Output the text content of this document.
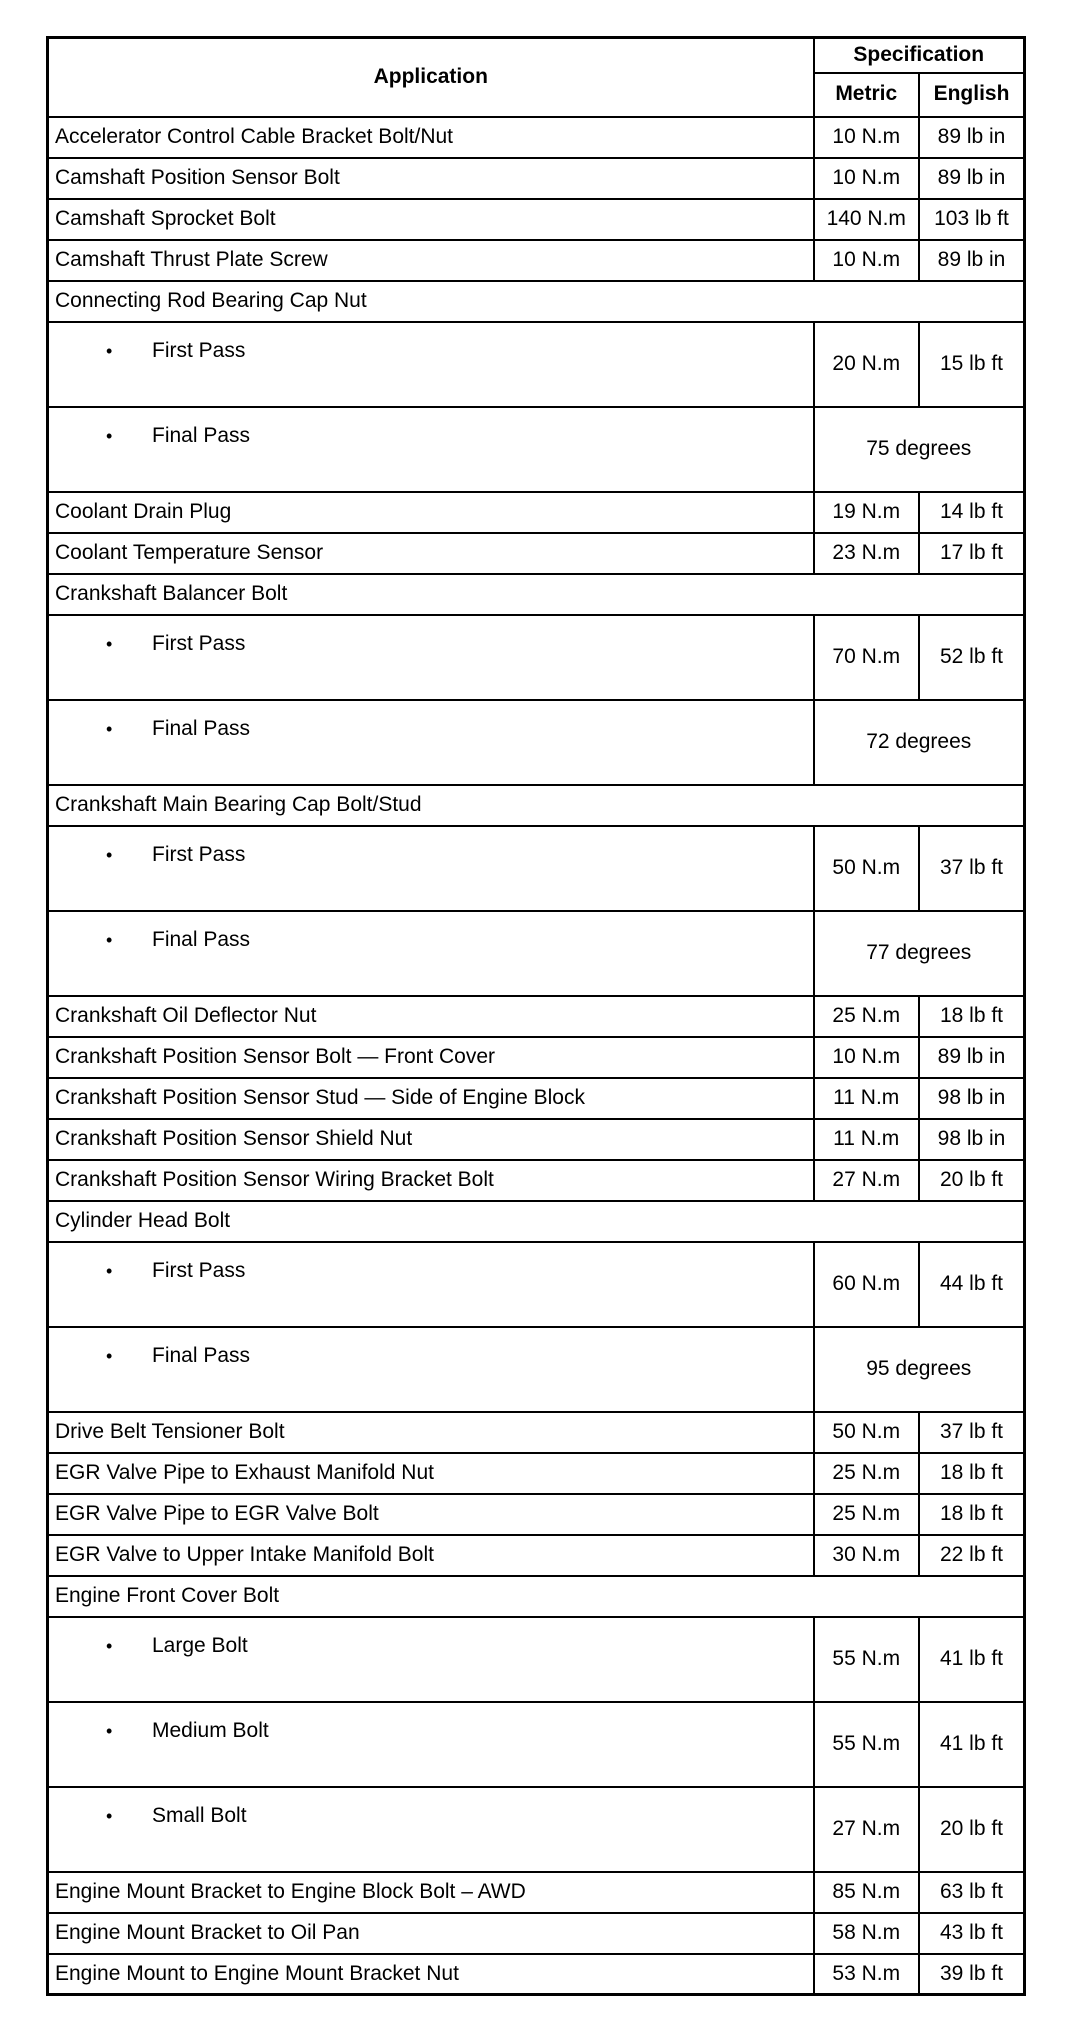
Application	Specification	
	Metric	English
Accelerator Control Cable Bracket Bolt/Nut	10 N.m	89 lb in
Camshaft Position Sensor Bolt	10 N.m	89 lb in
Camshaft Sprocket Bolt	140 N.m	103 lb ft
Camshaft Thrust Plate Screw	10 N.m	89 lb in
Connecting Rod Bearing Cap Nut		
• First Pass	20 N.m	15 lb ft
• Final Pass	75 degrees	
Coolant Drain Plug	19 N.m	14 lb ft
Coolant Temperature Sensor	23 N.m	17 lb ft
Crankshaft Balancer Bolt		
• First Pass	70 N.m	52 lb ft
• Final Pass	72 degrees	
Crankshaft Main Bearing Cap Bolt/Stud		
• First Pass	50 N.m	37 lb ft
• Final Pass	77 degrees	
Crankshaft Oil Deflector Nut	25 N.m	18 lb ft
Crankshaft Position Sensor Bolt — Front Cover	10 N.m	89 lb in
Crankshaft Position Sensor Stud — Side of Engine Block	11 N.m	98 lb in
Crankshaft Position Sensor Shield Nut	11 N.m	98 lb in
Crankshaft Position Sensor Wiring Bracket Bolt	27 N.m	20 lb ft
Cylinder Head Bolt		
• First Pass	60 N.m	44 lb ft
• Final Pass	95 degrees	
Drive Belt Tensioner Bolt	50 N.m	37 lb ft
EGR Valve Pipe to Exhaust Manifold Nut	25 N.m	18 lb ft
EGR Valve Pipe to EGR Valve Bolt	25 N.m	18 lb ft
EGR Valve to Upper Intake Manifold Bolt	30 N.m	22 lb ft
Engine Front Cover Bolt		
• Large Bolt	55 N.m	41 lb ft
• Medium Bolt	55 N.m	41 lb ft
• Small Bolt	27 N.m	20 lb ft
Engine Mount Bracket to Engine Block Bolt – AWD	85 N.m	63 lb ft
Engine Mount Bracket to Oil Pan	58 N.m	43 lb ft
Engine Mount to Engine Mount Bracket Nut	53 N.m	39 lb ft
